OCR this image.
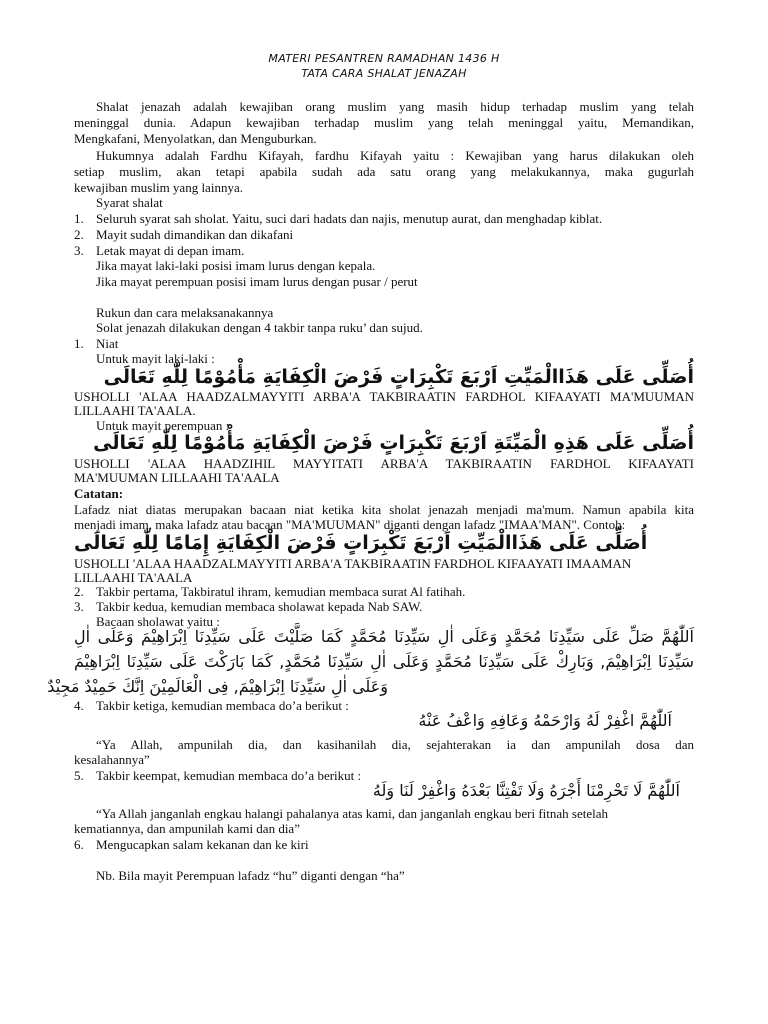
MATERI PESANTREN RAMADHAN 1436 H
TATA CARA SHALAT JENAZAH
Shalat jenazah adalah kewajiban orang muslim yang masih hidup terhadap muslim yang telah
meninggal dunia. Adapun kewajiban terhadap muslim yang telah meninggal yaitu, Memandikan,
Mengkafani, Menyolatkan, dan Menguburkan.
Hukumnya adalah Fardhu Kifayah, fardhu Kifayah yaitu : Kewajiban yang harus dilakukan oleh
setiap muslim, akan tetapi apabila sudah ada satu orang yang melakukannya, maka gugurlah
kewajiban muslim yang lainnya.
Syarat shalat
1. Seluruh syarat sah sholat. Yaitu, suci dari hadats dan najis, menutup aurat, dan menghadap kiblat.
2. Mayit sudah dimandikan dan dikafani
3. Letak mayat di depan imam.
Jika mayat laki-laki posisi imam lurus dengan kepala.
Jika mayat perempuan posisi imam lurus dengan pusar / perut
Rukun dan cara melaksanakannya
Solat jenazah dilakukan dengan 4 takbir tanpa ruku’ dan sujud.
1. Niat
Untuk mayit laki-laki :
أُصَلِّى عَلَى هَذَاالْمَيِّتِ اَرْبَعَ تَكْبِرَاتٍ فَرْضَ الْكِفَايَةِ مَأْمُوْمًا لِلّٰهِ تَعَالَى
USHOLLI 'ALAA HAADZALMAYYITI ARBA'A TAKBIRAATIN FARDHOL KIFAAYATI MA'MUUMAN
LILLAAHI TA'AALA.
Untuk mayit perempuan :
أُصَلِّى عَلَى هَذِهِ الْمَيِّتَةِ اَرْبَعَ تَكْبِرَاتٍ فَرْضَ الْكِفَايَةِ مَأْمُوْمًا لِلّٰهِ تَعَالَى
USHOLLI 'ALAA HAADZIHIL MAYYITATI ARBA'A TAKBIRAATIN FARDHOL KIFAAYATI
MA'MUUMAN LILLAAHI TA'AALA
Catatan:
Lafadz niat diatas merupakan bacaan niat ketika kita sholat jenazah menjadi ma'mum. Namun apabila kita
menjadi imam, maka lafadz atau bacaan "MA'MUUMAN" diganti dengan lafadz "IMAA'MAN". Contoh:
أُصَلِّى عَلَى هَذَاالْمَيِّتِ اَرْبَعَ تَكْبِرَاتٍ فَرْضَ الْكِفَايَةِ إِمَامًا لِلّٰهِ تَعَالَى
USHOLLI 'ALAA HAADZALMAYYITI ARBA'A TAKBIRAATIN FARDHOL KIFAAYATI IMAAMAN
LILLAAHI TA'AALA
2. Takbir pertama, Takbiratul ihram, kemudian membaca surat Al fatihah.
3. Takbir kedua, kemudian membaca sholawat kepada Nab SAW.
Bacaan sholawat yaitu :
اَللّٰهُمَّ صَلِّ عَلَى سَيِّدِنَا مُحَمَّدٍ وَعَلَى اٰلِ سَيِّدِنَا مُحَمَّدٍ كَمَا صَلَّيْتَ عَلَى سَيِّدِنَا اِبْرَاهِيْمَ وَعَلَى اٰلِ
سَيِّدِنَا اِبْرَاهِيْمَ, وَبَارِكْ عَلَى سَيِّدِنَا مُحَمَّدٍ وَعَلَى اٰلِ سَيِّدِنَا مُحَمَّدٍ, كَمَا بَارَكْتَ عَلَى سَيِّدِنَا اِبْرَاهِيْمَ
وَعَلَى اٰلِ سَيِّدِنَا اِبْرَاهِيْمَ, فِى الْعَالَمِيْنَ اِنَّكَ حَمِيْدٌ مَجِيْدٌ
4. Takbir ketiga, kemudian membaca do’a berikut :
اَللّٰهُمَّ اغْفِرْ لَهُ وَارْحَمْهُ وَعَافِهِ وَاعْفُ عَنْهُ
“Ya Allah, ampunilah dia, dan kasihanilah dia, sejahterakan ia dan ampunilah dosa dan
kesalahannya”
5. Takbir keempat, kemudian membaca do’a berikut :
اَللّٰهُمَّ لَا تَحْرِمْنَا أَجْرَهُ وَلَا تَفْتِنَّا بَعْدَهُ وَاغْفِرْ لَنَا وَلَهُ
“Ya Allah janganlah engkau halangi pahalanya atas kami, dan janganlah engkau beri fitnah setelah
kematiannya, dan ampunilah kami dan dia”
6. Mengucapkan salam kekanan dan ke kiri
Nb. Bila mayit Perempuan lafadz “hu” diganti dengan “ha”
